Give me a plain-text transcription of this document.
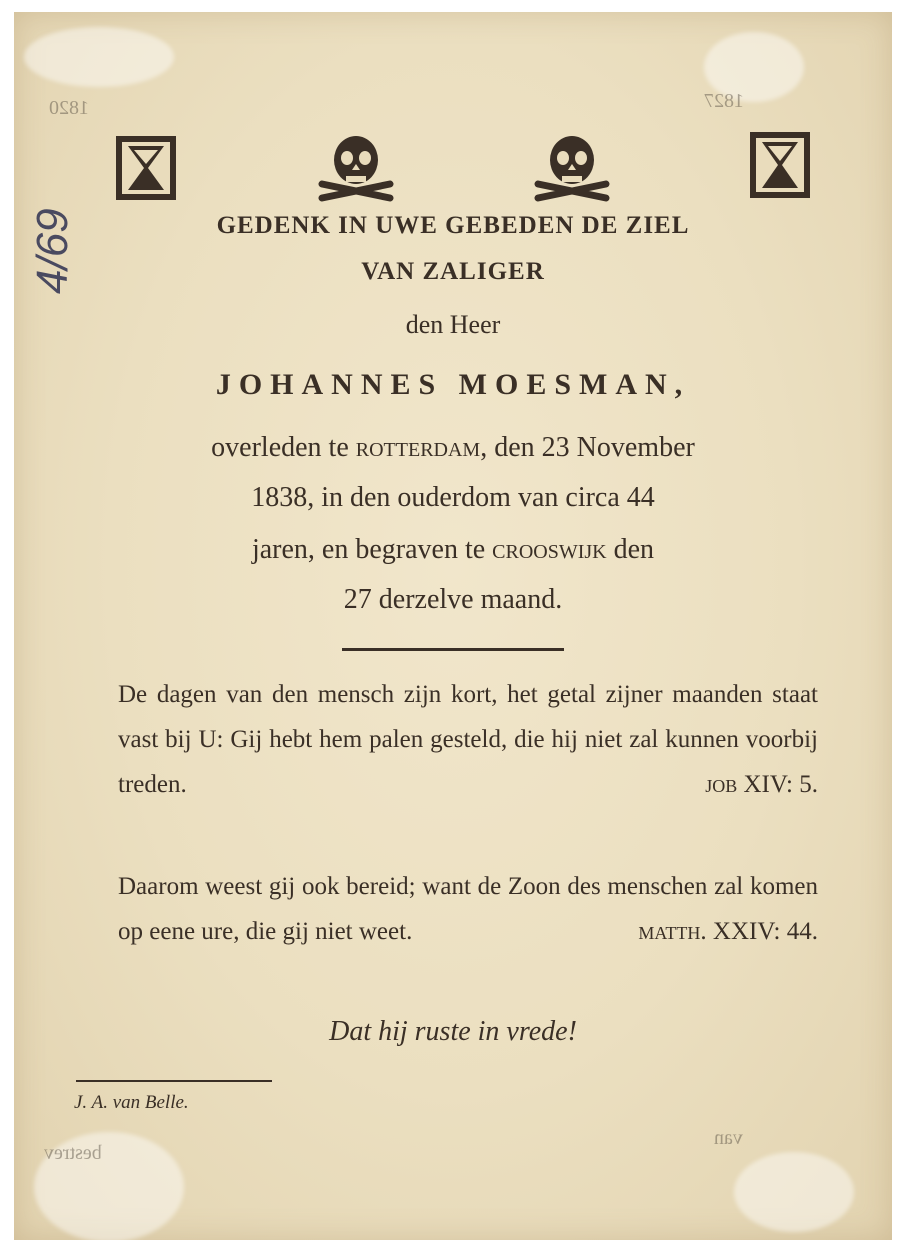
1820	1827
van
bestrev
4/69	GEDENK IN UWE GEBEDEN DE ZIEL
VAN ZALIGER
den Heer
JOHANNES MOESMAN,
overleden te rotterdam, den 23 November
1838, in den ouderdom van circa 44
jaren, en begraven te crooswijk den
27 derzelve maand.
De dagen van den mensch zijn kort, het getal zijner maanden staat vast bij U: Gij hebt hem palen gesteld, die hij niet zal kunnen voorbij treden.	job XIV: 5.
Daarom weest gij ook bereid; want de Zoon des menschen zal komen op eene ure, die gij niet weet.	matth. XXIV: 44.
Dat hij ruste in vrede!
J. A. van Belle.
